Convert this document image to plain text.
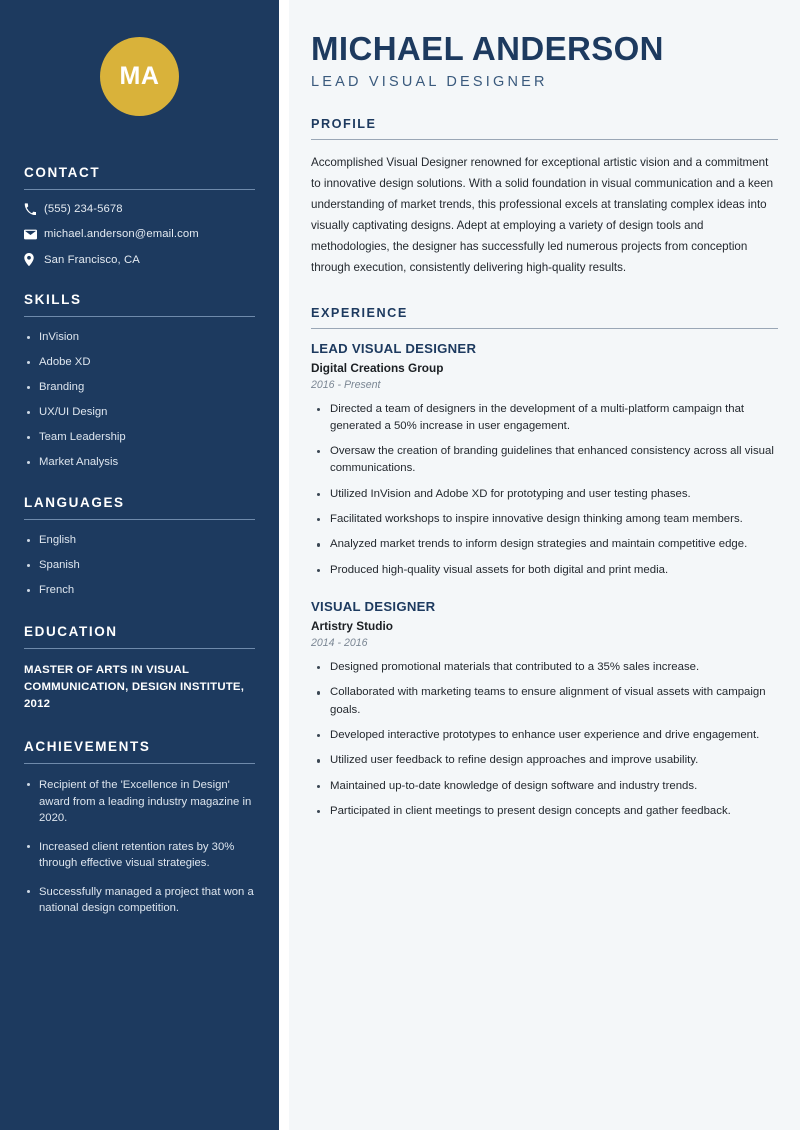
MA
CONTACT
(555) 234-5678
michael.anderson@email.com
San Francisco, CA
SKILLS
InVision
Adobe XD
Branding
UX/UI Design
Team Leadership
Market Analysis
LANGUAGES
English
Spanish
French
EDUCATION
MASTER OF ARTS IN VISUAL COMMUNICATION, DESIGN INSTITUTE, 2012
ACHIEVEMENTS
Recipient of the 'Excellence in Design' award from a leading industry magazine in 2020.
Increased client retention rates by 30% through effective visual strategies.
Successfully managed a project that won a national design competition.
MICHAEL ANDERSON
LEAD VISUAL DESIGNER
PROFILE

Accomplished Visual Designer renowned for exceptional artistic vision and a commitment to innovative design solutions. With a solid foundation in visual communication and a keen understanding of market trends, this professional excels at translating complex ideas into visually captivating designs. Adept at employing a variety of design tools and methodologies, the designer has successfully led numerous projects from conception through execution, consistently delivering high-quality results.

EXPERIENCE
LEAD VISUAL DESIGNER
Digital Creations Group
2016 - Present
Directed a team of designers in the development of a multi-platform campaign that generated a 50% increase in user engagement.
Oversaw the creation of branding guidelines that enhanced consistency across all visual communications.
Utilized InVision and Adobe XD for prototyping and user testing phases.
Facilitated workshops to inspire innovative design thinking among team members.
Analyzed market trends to inform design strategies and maintain competitive edge.
Produced high-quality visual assets for both digital and print media.
VISUAL DESIGNER
Artistry Studio
2014 - 2016
Designed promotional materials that contributed to a 35% sales increase.
Collaborated with marketing teams to ensure alignment of visual assets with campaign goals.
Developed interactive prototypes to enhance user experience and drive engagement.
Utilized user feedback to refine design approaches and improve usability.
Maintained up-to-date knowledge of design software and industry trends.
Participated in client meetings to present design concepts and gather feedback.
